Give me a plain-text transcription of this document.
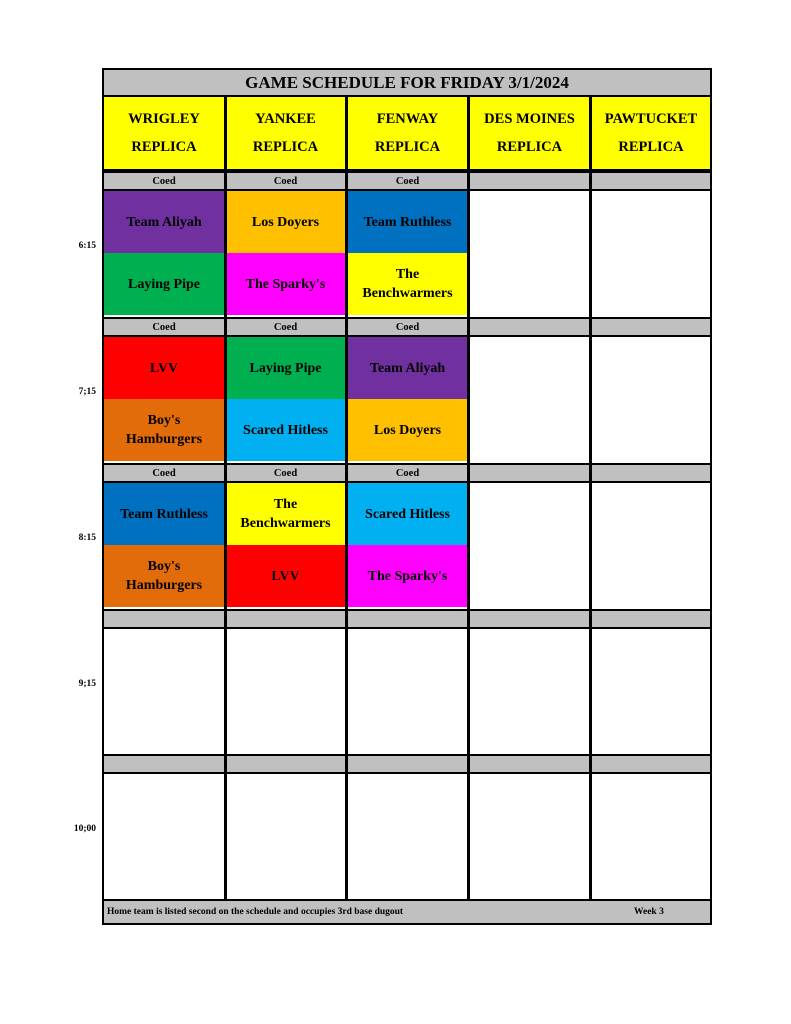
GAME SCHEDULE FOR FRIDAY 3/1/2024
Home team is listed second on the schedule and occupies 3rd base dugout	Week 3
WRIGLEY
REPLICA
YANKEE
REPLICA
FENWAY
REPLICA
DES MOINES
REPLICA
PAWTUCKET
REPLICA
Coed
Team Aliyah
Laying Pipe
Coed
Los Doyers
The Sparky's
Coed
Team Ruthless
The Benchwarmers
Coed
LVV
Boy's Hamburgers
Coed
Laying Pipe
Scared Hitless
Coed
Team Aliyah
Los Doyers
Coed
Team Ruthless
Boy's Hamburgers
Coed
The Benchwarmers
LVV
Coed
Scared Hitless
The Sparky's
6:15
7;15
8:15
9;15
10;00
